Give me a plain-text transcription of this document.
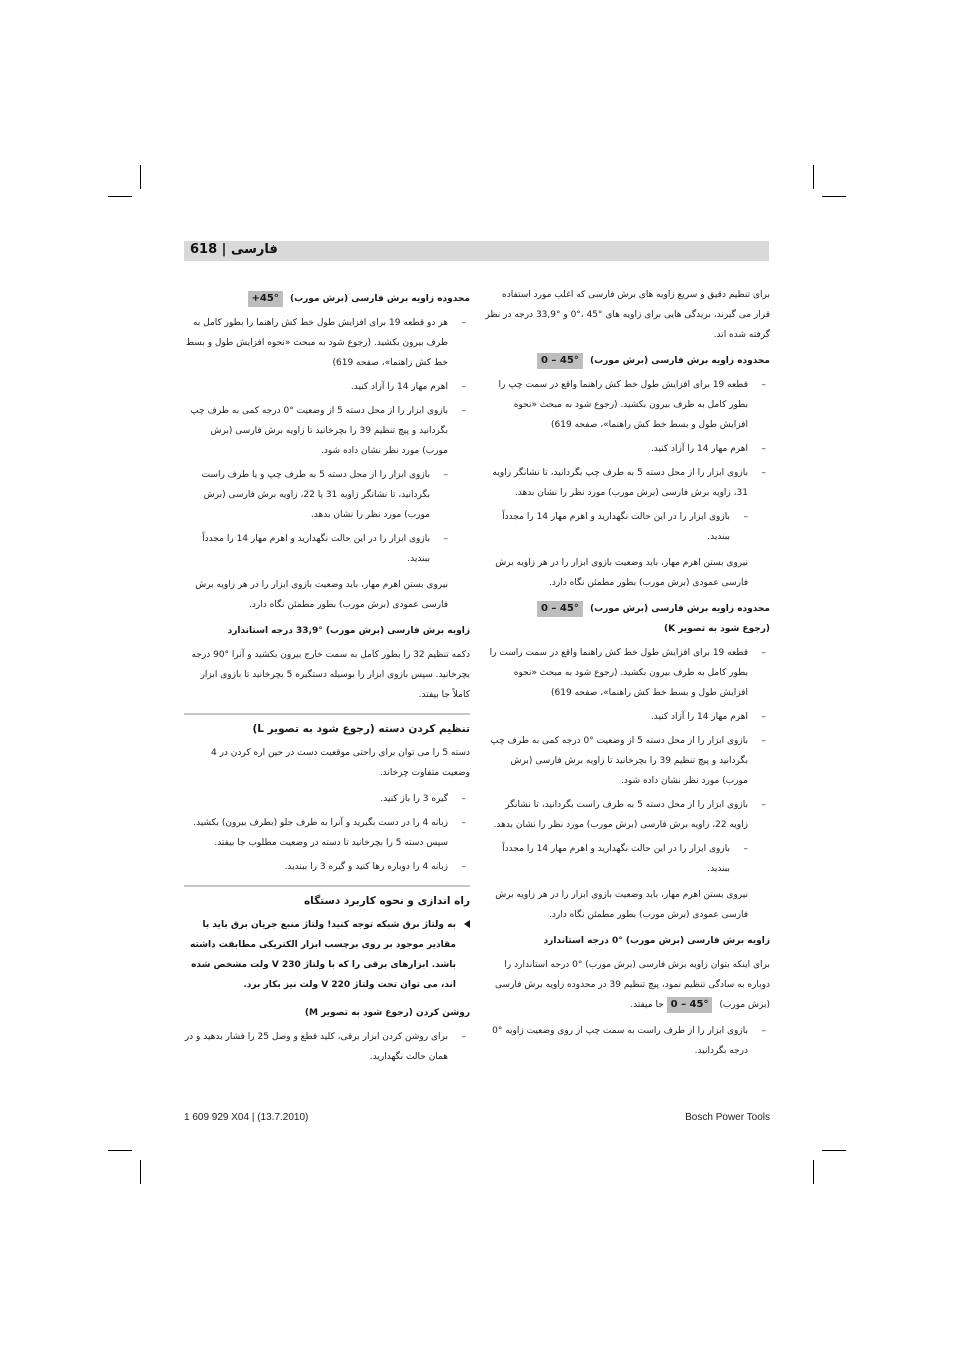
فارسی | 618

برای تنظیم دقیق و سریع زاویه های برش فارسی که اغلب مورد استفاده قرار می گیرند، بریدگی هایی برای زاویه های °45 ،°0 و °33,9 درجه در نظر گرفته شده اند.

محدوده زاویه برش فارسی (برش مورب) 0 – 45°
– قطعه 19 برای افزایش طول خط کش راهنما واقع در سمت چپ را بطور کامل به طرف بیرون بکشید. (رجوع شود به مبحث «نحوه افزایش طول و بسط خط کش راهنما»، صفحه 619)
– اهرم مهار 14 را آزاد کنید.
– بازوی ابزار را از محل دسته 5 به طرف چپ بگردانید، تا نشانگر زاویه 31، زاویه برش فارسی (برش مورب) مورد نظر را نشان بدهد.
– بازوی ابزار را در این حالت نگهدارید و اهرم مهار 14 را مجدداً ببندید.

نیروی بستن اهرم مهار، باید وضعیت بازوی ابزار را در هر زاویه برش فارسی عمودی (برش مورب) بطور مطمئن نگاه دارد.

محدوده زاویه برش فارسی (برش مورب) 0 – 45°
(رجوع شود به تصویر K)
– قطعه 19 برای افزایش طول خط کش راهنما واقع در سمت راست را بطور کامل به طرف بیرون بکشید. (رجوع شود به مبحث «نحوه افزایش طول و بسط خط کش راهنما»، صفحه 619)
– اهرم مهار 14 را آزاد کنید.
– بازوی ابزار را از محل دسته 5 از وضعیت °0 درجه کمی به طرف چپ بگردانید و پیچ تنظیم 39 را بچرخانید تا زاویه برش فارسی (برش مورب) مورد نظر نشان داده شود.
– بازوی ابزار را از محل دسته 5 به طرف راست بگردانید، تا نشانگر زاویه 22، زاویه برش فارسی (برش مورب) مورد نظر را نشان بدهد.
– بازوی ابزار را در این حالت نگهدارید و اهرم مهار 14 را مجدداً ببندید.

نیروی بستن اهرم مهار، باید وضعیت بازوی ابزار را در هر زاویه برش فارسی عمودی (برش مورب) بطور مطمئن نگاه دارد.

زاویه برش فارسی (برش مورب) °0 درجه استاندارد

برای اینکه بتوان زاویه برش فارسی (برش مورب) °0 درجه استاندارد را دوباره به سادگی تنظیم نمود، پیچ تنظیم 39 در محدوده زاویه برش فارسی (برش مورب) 0 – 45° جا میفتد.

– بازوی ابزار را از طرف راست به سمت چپ از روی وضعیت زاویه °0 درجه بگردانید.
محدوده زاویه برش فارسی (برش مورب) +45°
– هر دو قطعه 19 برای افزایش طول خط کش راهنما را بطور کامل به طرف بیرون بکشید. (رجوع شود به مبحث «نحوه افزایش طول و بسط خط کش راهنما»، صفحه 619)
– اهرم مهار 14 را آزاد کنید.
– بازوی ابزار را از محل دسته 5 از وضعیت °0 درجه کمی به طرف چپ بگردانید و پیچ تنظیم 39 را بچرخانید تا زاویه برش فارسی (برش مورب) مورد نظر نشان داده شود.
– بازوی ابزار را از محل دسته 5 به طرف چپ و یا طرف راست بگردانید، تا نشانگر زاویه 31 یا 22، زاویه برش فارسی (برش مورب) مورد نظر را نشان بدهد.
– بازوی ابزار را در این حالت نگهدارید و اهرم مهار 14 را مجدداً ببندید.

نیروی بستن اهرم مهار، باید وضعیت بازوی ابزار را در هر زاویه برش فارسی عمودی (برش مورب) بطور مطمئن نگاه دارد.

زاویه برش فارسی (برش مورب) °33,9 درجه استاندارد

دکمه تنظیم 32 را بطور کامل به سمت خارج بیرون بکشید و آنرا °90 درجه بچرخانید. سپس بازوی ابزار را بوسیله دستگیره 5 بچرخانید تا بازوی ابزار کاملاً جا بیفتد.

تنظیم کردن دسته (رجوع شود به تصویر L)

دسته 5 را می توان برای راحتی موقعیت دست در حین اره کردن در 4 وضعیت متفاوت چرخاند.

– گیره 3 را باز کنید.
– زبانه 4 را در دست بگیرید و آنرا به طرف جلو (بطرف بیرون) بکشید. سپس دسته 5 را بچرخانید تا دسته در وضعیت مطلوب جا بیفتد.
– زبانه 4 را دوباره رها کنید و گیره 3 را ببندید.
راه اندازی و نحوه کاربرد دستگاه
به ولتاژ برق شبکه توجه کنید! ولتاژ منبع جریان برق باید با مقادیر موجود بر روی برچسب ابزار الکتریکی مطابقت داشته باشد. ابزارهای برقی را که با ولتاژ 230 V ولت مشخص شده اند، می توان تحت ولتاژ 220 V ولت نیز بکار برد.
روشن کردن (رجوع شود به تصویر M)
– برای روشن کردن ابزار برقی، کلید قطع و وصل 25 را فشار بدهید و در همان حالت نگهدارید.
1 609 929 X04 | (13.7.2010)	Bosch Power Tools
